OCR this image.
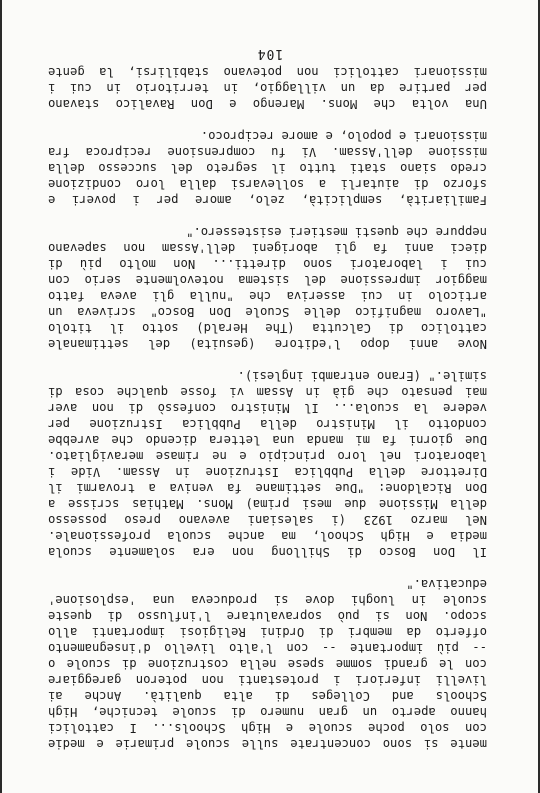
mente si sono concentrate sulle scuole primarie e medie
con solo poche scuole e High Schools... I cattolici
hanno aperto un gran numero di scuole tecniche, High
Schools and Colleges di alta qualità. Anche ai
livelli inferiori i protestanti non poteron gareggiare
con le grandi somme spese nella costruzione di scuole o
-- più importante -- con l'alto livello d'insegnamento
offerto da membri di Ordini Religiosi importanti allo
scopo. Non si può sopravalutare l'influsso di queste
scuole in luoghi dove si produceva una 'esplosione'
educativa."
Il Don Bosco di Shillong non era solamente scuola
media e High School, ma anche scuola professionale.
Nel marzo 1923 (i salesiani avevano preso possesso
della Missione due mesi prima) Mons. Mathias scrisse a
Don Ricaldone: "Due settimane fa veniva a trovarmi il
Direttore della Pubblica Istruzione in Assam. Vide i
laboratori nel loro principio e ne rimase meravigliato.
Due giorni fa mi manda una lettera dicendo che avrebbe
condotto il Ministro della Pubblica Istruzione per
vedere la scuola... Il Ministro confessò di non aver
mai pensato che già in Assam vi fosse qualche cosa di
simile." (Erano entrambi inglesi).
Nove anni dopo l'editore (gesuita) del settimanale
cattolico di Calcutta (The Herald) sotto il titolo
"Lavoro magnifico delle Scuole Don Bosco" scriveva un
articolo in cui asseriva che "nulla gli aveva fatto
maggior impressione del sistema notevolmente serio con
cui i laboratori sono diretti... Non molto più di
dieci anni fa gli aborigeni dell'Assam non sapevano
neppure che questi mestieri esistessero."
Familiarità, semplicità, zelo, amore per i poveri e
sforzo di aiutarli a sollevarsi dalla loro condizione
credo siano stati tutto il segreto del successo della
missione dell'Assam. Vi fu comprensione reciproca fra
missionari e popolo, e amore reciproco.
Una volta che Mons. Marengo e Don Ravalico stavano
per partire da un villaggio, in territorio in cui i
missionari cattolici non potevano stabilirsi, la gente
104
